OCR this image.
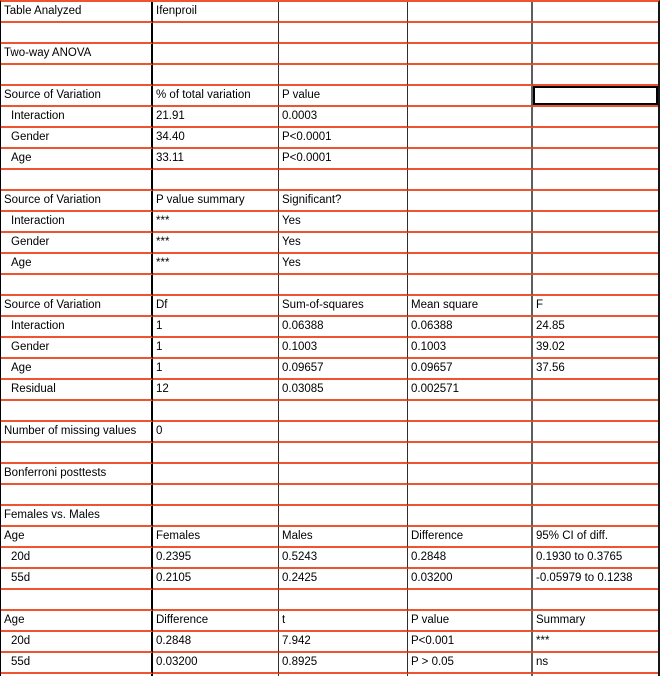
Table Analyzed	Ifenproil
Two-way ANOVA
Source of Variation	% of total variation	P value
Interaction	21.91	0.0003
Gender	34.40	P<0.0001
Age	33.11	P<0.0001
Source of Variation	P value summary	Significant?
Interaction	***	Yes
Gender	***	Yes
Age	***	Yes
Source of Variation	Df	Sum-of-squares	Mean square	F
Interaction	1	0.06388	0.06388	24.85
Gender	1	0.1003	0.1003	39.02
Age	1	0.09657	0.09657	37.56
Residual	12	0.03085	0.002571
Number of missing values	0
Bonferroni posttests
Females vs. Males
Age	Females	Males	Difference	95% CI of diff.
20d	0.2395	0.5243	0.2848	0.1930 to 0.3765
55d	0.2105	0.2425	0.03200	-0.05979 to 0.1238
Age	Difference	t	P value	Summary
20d	0.2848	7.942	P<0.001	***
55d	0.03200	0.8925	P > 0.05	ns
